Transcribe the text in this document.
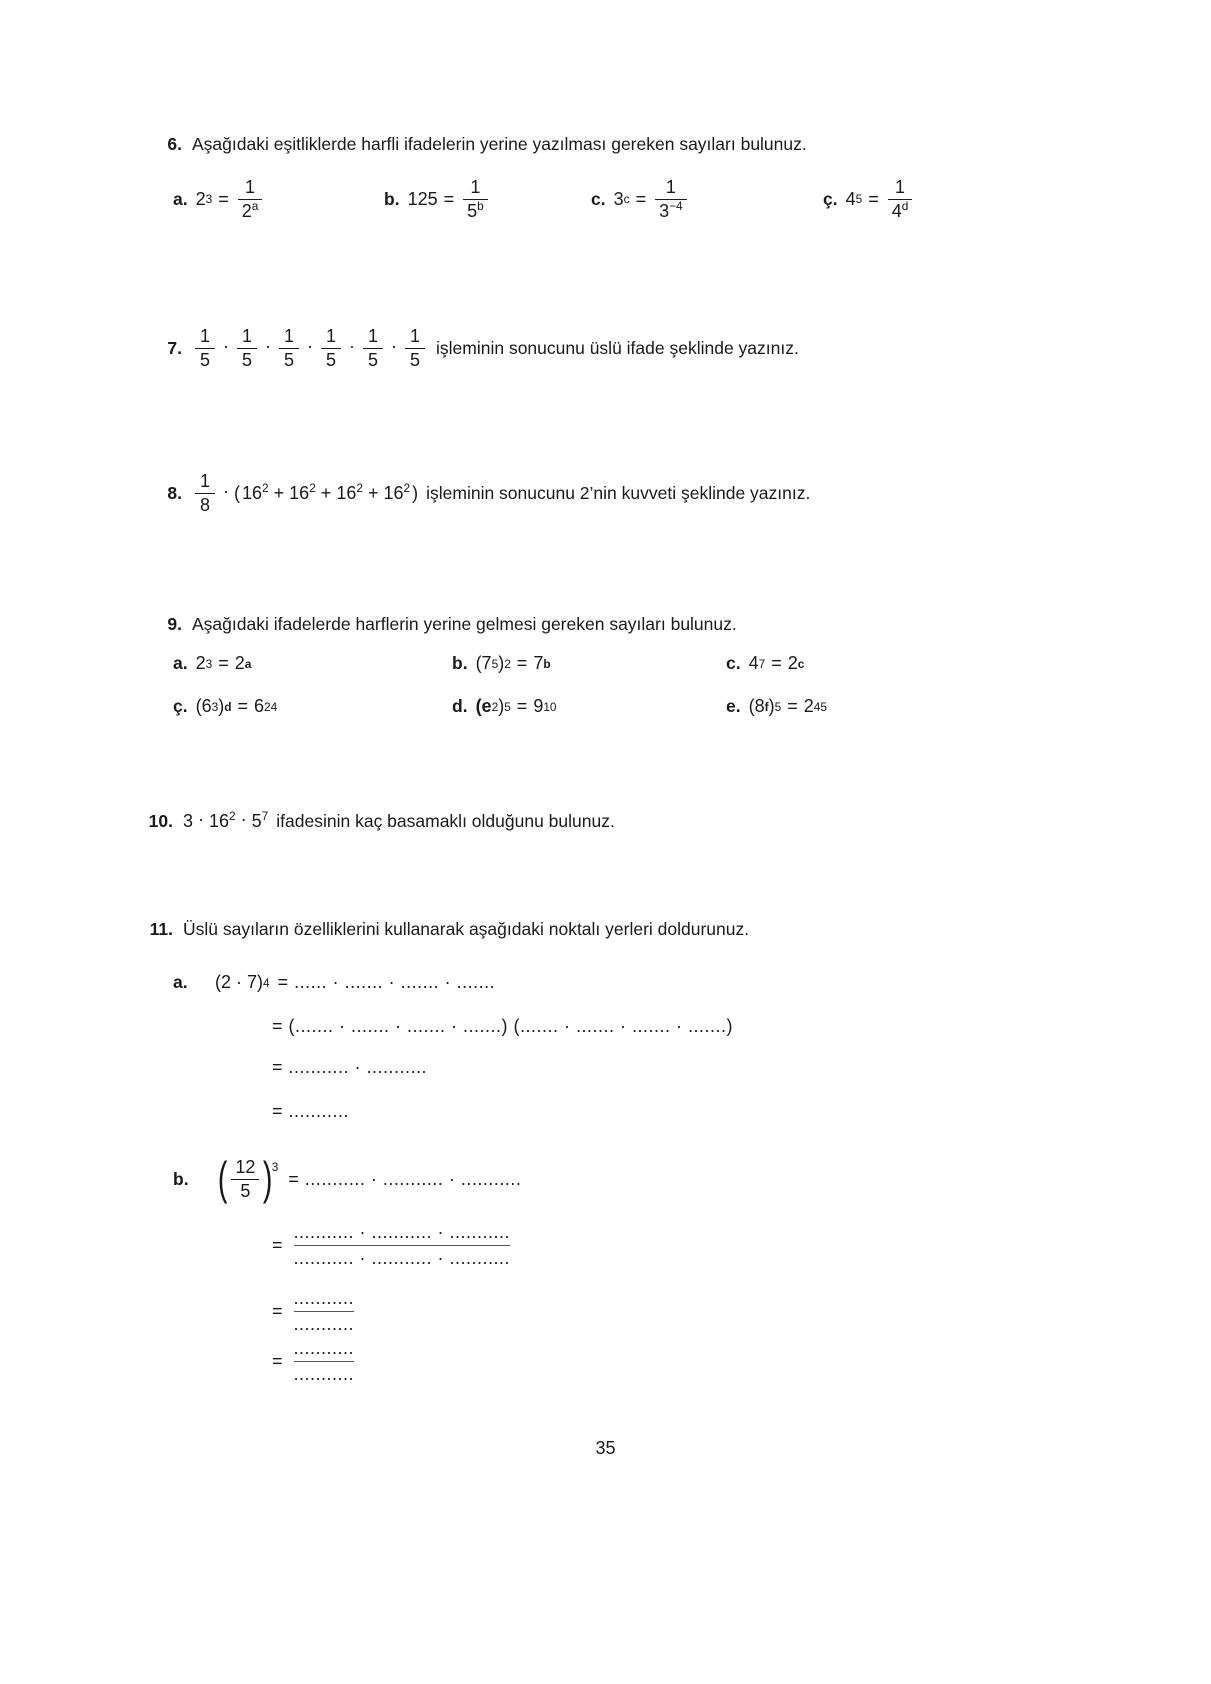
6. Aşağıdaki eşitliklerde harfli ifadelerin yerine yazılması gereken sayıları bulunuz.
a. 2 $3 = \frac{1}{2^a}$	b. $125 = \frac{1}{5^b}$	c. 3 $c = \frac{1}{3^{-4}}$	ç. 4 $5 = \frac{1}{4^d}$
7. $\frac{1}{5} \cdot \frac{1}{5} \cdot \frac{1}{5} \cdot \frac{1}{5} \cdot \frac{1}{5} \cdot \frac{1}{5}$ işleminin sonucunu üslü ifade şeklinde yazınız.
8. $\frac{1}{8}$ · ( $16^2 + 16^2 + 16^2 + 16^2$ ) işleminin sonucunu 2’nin kuvveti şeklinde yazınız.
9. Aşağıdaki ifadelerde harflerin yerine gelmesi gereken sayıları bulunuz.
a. 2 3 = 2 a	b. (7 5 ) 2 = 7 b	c. 4 7 = 2 c
ç. (6 3 ) d = 6 24	d. (e 2 ) 5 = 9 10	e. (8 f ) 5 = 2 45
10. $3 \cdot 16^2 \cdot 5^7$ ifadesinin kaç basamaklı olduğunu bulunuz.
11. Üslü sayıların özelliklerini kullanarak aşağıdaki noktalı yerleri doldurunuz.
a.	(2 · 7) 4 = ...... · ....... · ....... · .......
= (....... · ....... · ....... · .......) (....... · ....... · ....... · .......)
= ........... · ...........
= ...........
b. ( $\frac{12}{5}$ )
$^3$
= ........... · ........... · ...........
=
........... · ........... · ...........
........... · ........... · ...........
=
...........
...........
=
...........
...........
35
